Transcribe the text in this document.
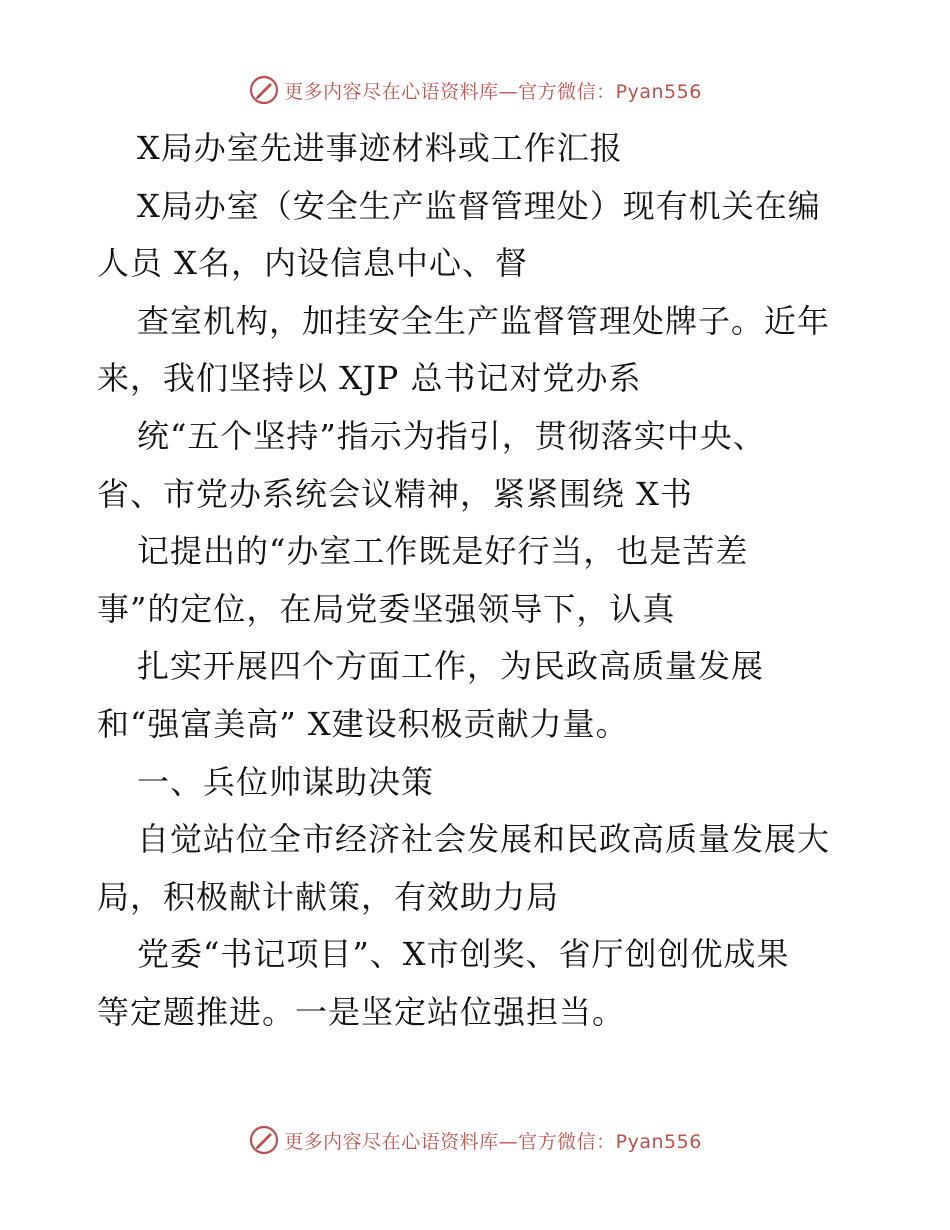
更多内容尽在心语资料库—官方微信：Pyan556
X局办室先进事迹材料或工作汇报
X局办室（安全生产监督管理处）现有机关在编
人员 X名，内设信息中心、督
查室机构，加挂安全生产监督管理处牌子。近年
来，我们坚持以 XJP 总书记对党办系
统“五个坚持”指示为指引，贯彻落实中央、
省、市党办系统会议精神，紧紧围绕 X书
记提出的“办室工作既是好行当，也是苦差
事”的定位，在局党委坚强领导下，认真
扎实开展四个方面工作，为民政高质量发展
和“强富美高” X建设积极贡献力量。
一、兵位帅谋助决策
自觉站位全市经济社会发展和民政高质量发展大
局，积极献计献策，有效助力局
党委“书记项目”、X市创奖、省厅创创优成果
等定题推进。一是坚定站位强担当。
更多内容尽在心语资料库—官方微信：Pyan556
